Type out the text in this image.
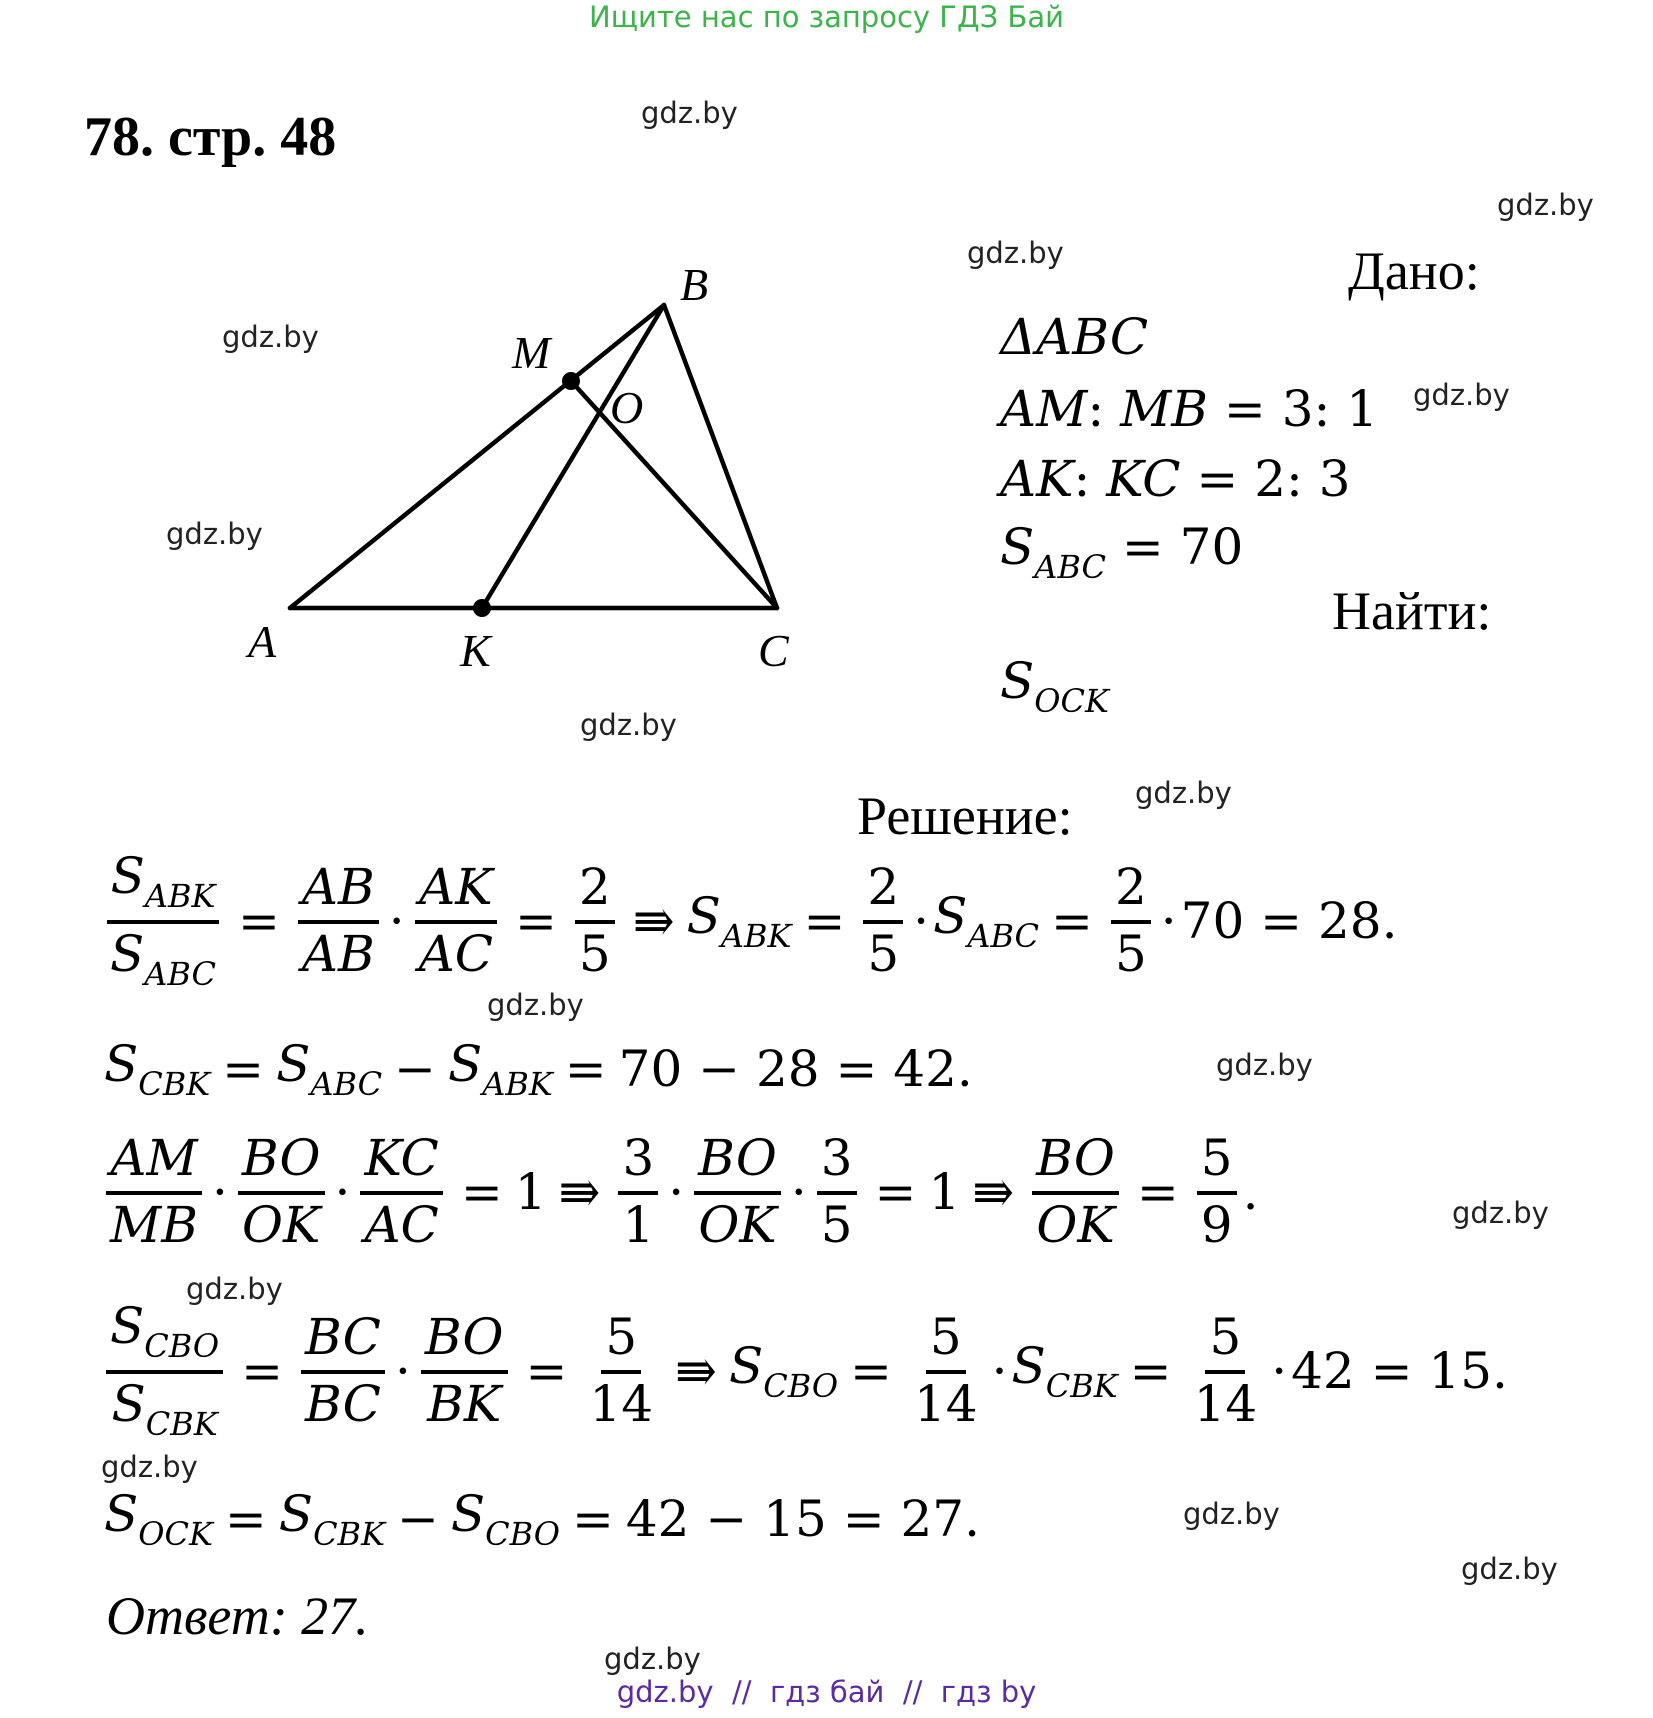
Ищите нас по запросу ГДЗ Бай
78. стр. 48	gdz.by
gdz.by
gdz.by
gdz.by
gdz.by
gdz.by
gdz.by
gdz.by
gdz.by
gdz.by
gdz.by
gdz.by
gdz.by
gdz.by
gdz.by
gdz.by
B
M
O
A	K	C
Дано:
ΔABC
AM: MB = 3: 1
AK: KC = 2: 3
$S_{ABC} = 70$
Найти:
$S_{OCK}$
Решение:
$\frac{S_{ABK}}{S_{ABC}} = \frac{AB}{AB} \cdot \frac{AK}{AC} = \frac{2}{5}$ ⇛ $S_{ABK} = \frac{2}{5} \cdot S_{ABC} = \frac{2}{5} \cdot 70 = 28$.
$S_{CBK} = S_{ABC} - S_{ABK} = 70 - 28 = 42$.
$\frac{AM}{MB} \cdot \frac{BO}{OK} \cdot \frac{KC}{AC} = 1$ ⇛ $\frac{3}{1} \cdot \frac{BO}{OK} \cdot \frac{3}{5} = 1$ ⇛ $\frac{BO}{OK} = \frac{5}{9}$ .
$\frac{S_{CBO}}{S_{CBK}} = \frac{BC}{BC} \cdot \frac{BO}{BK} = \frac{5}{14}$ ⇛ $S_{CBO} = \frac{5}{14} \cdot S_{CBK} = \frac{5}{14} \cdot 42 = 15$.
$S_{OCK} = S_{CBK} - S_{CBO} = 42 - 15 = 27$.
Ответ: 27.
gdz.by // гдз бай // гдз by
